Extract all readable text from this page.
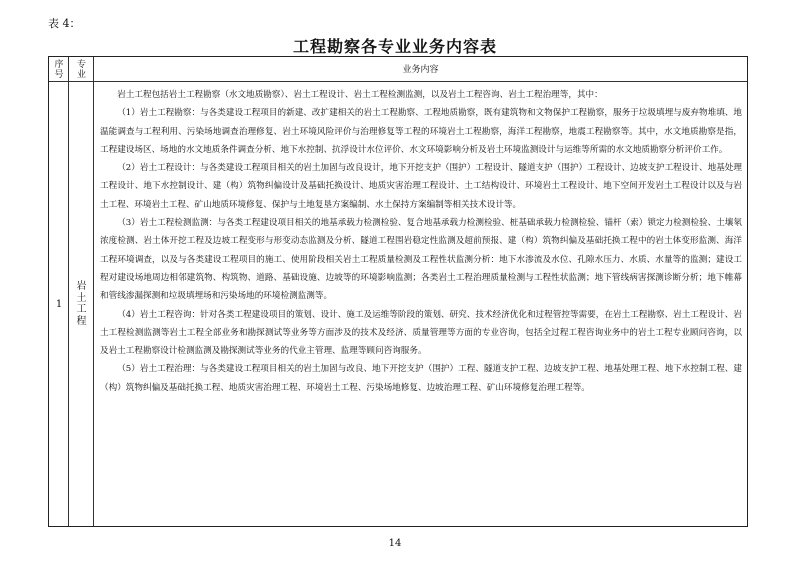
表 4：
工程勘察各专业业务内容表
序号
专业	业务内容
1
岩土工程

岩土工程包括岩土工程勘察（水文地质勘察）、岩土工程设计、岩土工程检测监测，以及岩土工程咨询、岩土工程治理等，其中：

（1）岩土工程勘察：与各类建设工程项目的新建、改扩建相关的岩土工程勘察、工程地质勘察，既有建筑物和文物保护工程勘察，服务于垃圾填埋与废弃物堆填、地温能调查与工程利用、污染场地调查治理修复、岩土环境风险评价与治理修复等工程的环境岩土工程勘察，海洋工程勘察，地震工程勘察等。其中，水文地质勘察是指，工程建设场区、场地的水文地质条件调查分析、地下水控制、抗浮设计水位评价、水文环境影响分析及岩土环境监测设计与运维等所需的水文地质勘察分析评价工作。

（2）岩土工程设计：与各类建设工程项目相关的岩土加固与改良设计，地下开挖支护（围护）工程设计、隧道支护（围护）工程设计、边坡支护工程设计、地基处理工程设计、地下水控制设计、建（构）筑物纠偏设计及基础托换设计、地质灾害治理工程设计、土工结构设计、环境岩土工程设计、地下空间开发岩土工程设计以及与岩土工程、环境岩土工程、矿山地质环境修复、保护与土地复垦方案编制、水土保持方案编制等相关技术设计等。

（3）岩土工程检测监测：与各类工程建设项目相关的地基承载力检测检验、复合地基承载力检测检验、桩基础承载力检测检验、锚杆（索）锁定力检测检验、土壤氡浓度检测、岩土体开挖工程及边坡工程变形与形变动态监测及分析、隧道工程围岩稳定性监测及超前预报、建（构）筑物纠偏及基础托换工程中的岩土体变形监测、海洋工程环境调查，以及与各类建设工程项目的施工、使用阶段相关岩土工程质量检测及工程性状监测分析：地下水渗流及水位、孔隙水压力、水质、水量等的监测；建设工程对建设场地周边相邻建筑物、构筑物、道路、基础设施、边坡等的环境影响监测；各类岩土工程治理质量检测与工程性状监测；地下管线病害探测诊断分析；地下帷幕和管线渗漏探测和垃圾填埋场和污染场地的环境检测监测等。

（4）岩土工程咨询：针对各类工程建设项目的策划、设计、施工及运维等阶段的策划、研究、技术经济优化和过程管控等需要，在岩土工程勘察、岩土工程设计、岩土工程检测监测等岩土工程全部业务和勘探测试等业务等方面涉及的技术及经济、质量管理等方面的专业咨询，包括全过程工程咨询业务中的岩土工程专业顾问咨询，以及岩土工程勘察设计检测监测及勘探测试等业务的代业主管理、监理等顾问咨询服务。

（5）岩土工程治理：与各类建设工程项目相关的岩土加固与改良、地下开挖支护（围护）工程、隧道支护工程、边坡支护工程、地基处理工程、地下水控制工程、建（构）筑物纠偏及基础托换工程、地质灾害治理工程、环境岩土工程、污染场地修复、边坡治理工程、矿山环境修复治理工程等。

14
